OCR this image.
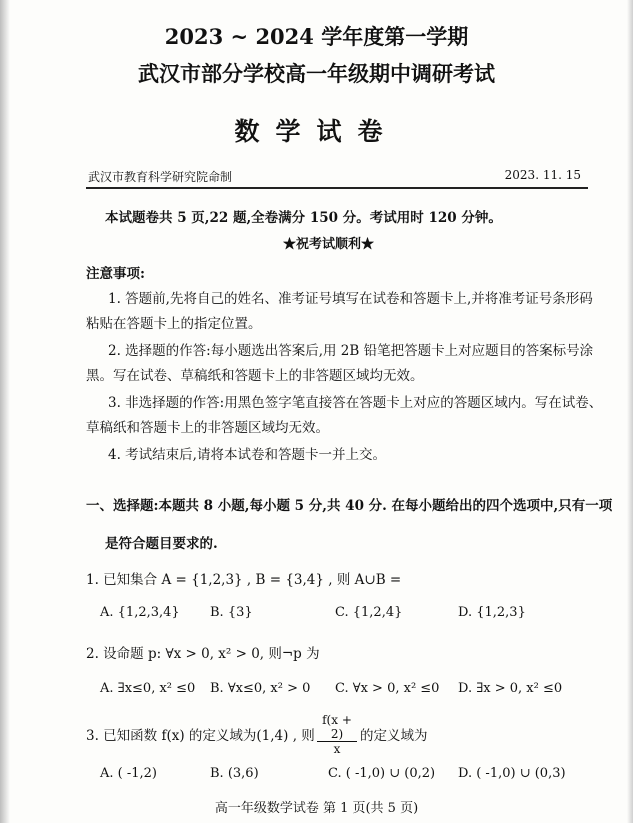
2023 ~ 2024 学年度第一学期
武汉市部分学校高一年级期中调研考试
数学试卷
武汉市教育科学研究院命制	2023. 11. 15
本试题卷共 5 页,22 题,全卷满分 150 分。考试用时 120 分钟。
★祝考试顺利★
注意事项:
1. 答题前,先将自己的姓名、准考证号填写在试卷和答题卡上,并将准考证号条形码
粘贴在答题卡上的指定位置。
2. 选择题的作答:每小题选出答案后,用 2B 铅笔把答题卡上对应题目的答案标号涂
黑。写在试卷、草稿纸和答题卡上的非答题区域均无效。
3. 非选择题的作答:用黑色签字笔直接答在答题卡上对应的答题区域内。写在试卷、
草稿纸和答题卡上的非答题区域均无效。
4. 考试结束后,请将本试卷和答题卡一并上交。
一、选择题:本题共 8 小题,每小题 5 分,共 40 分. 在每小题给出的四个选项中,只有一项
是符合题目要求的.
1. 已知集合 A = {1,2,3} , B = {3,4} , 则 A∪B =
A. {1,2,3,4} B. {3}	C. {1,2,4}	D. {1,2,3}
2. 设命题 p: ∀x > 0, x² > 0, 则¬p 为
A. ∃x≤0, x² ≤0 B. ∀x≤0, x² > 0 C. ∀x > 0, x² ≤0 D. ∃x > 0, x² ≤0
3. 已知函数 f(x) 的定义域为(1,4) , 则 $\frac{f(x + 2)}{x}$ 的定义域为
A. ( -1,2)	B. (3,6)	C. ( -1,0) ∪ (0,2) D. ( -1,0) ∪ (0,3)
高一年级数学试卷 第 1 页(共 5 页)
